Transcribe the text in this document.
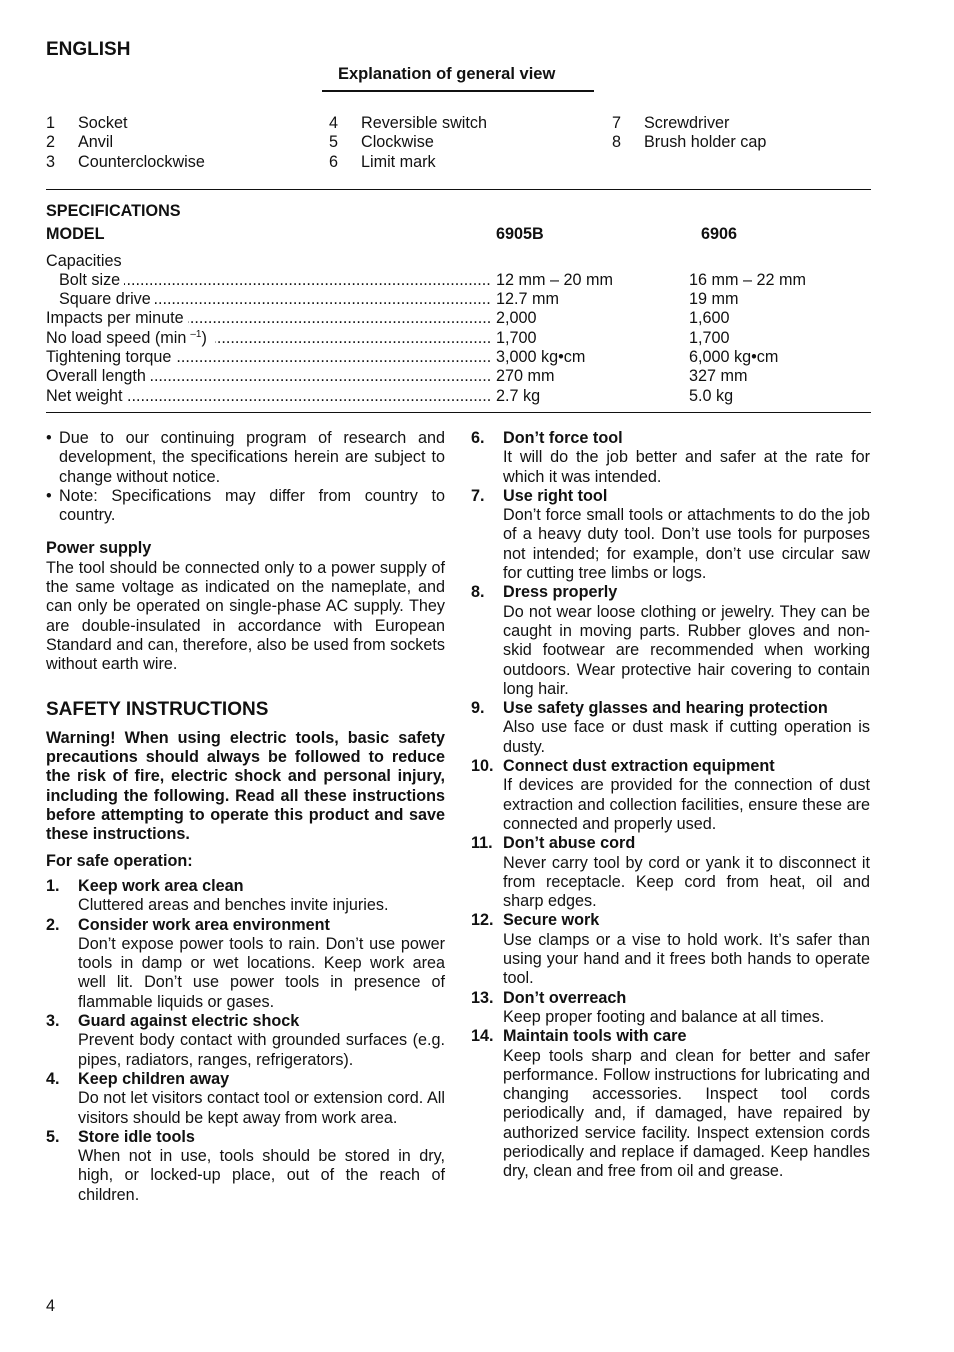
ENGLISH
Explanation of general view
1 Socket
2 Anvil
3 Counterclockwise
4 Reversible switch
5 Clockwise
6 Limit mark
7 Screwdriver
8 Brush holder cap
SPECIFICATIONS
MODEL	6905B	6906
Capacities
Bolt size .....	12 mm – 20 mm	16 mm – 22 mm
Square drive .....	12.7 mm	19 mm
Impacts per minute .....	2,000	1,600
No load speed (min $^{-1}$) .....	1,700	1,700
Tightening torque .....	3,000 kg•cm	6,000 kg•cm
Overall length .....	270 mm	327 mm
Net weight .....	2.7 kg	5.0 kg
• Due to our continuing program of research and development, the specifications herein are subject to change without notice.
• Note: Specifications may differ from country to country.
Power supply

The tool should be connected only to a power supply of the same voltage as indicated on the nameplate, and can only be operated on single-phase AC supply. They are double-insulated in accordance with European Standard and can, therefore, also be used from sockets without earth wire.

SAFETY INSTRUCTIONS

Warning! When using electric tools, basic safety precautions should always be followed to reduce the risk of fire, electric shock and personal injury, including the following. Read all these instructions before attempting to operate this product and save these instructions.

For safe operation:
1. Keep work area clean
Cluttered areas and benches invite injuries.
2. Consider work area environment
Don’t expose power tools to rain. Don’t use power tools in damp or wet locations. Keep work area well lit. Don’t use power tools in presence of flammable liquids or gases.
3. Guard against electric shock
Prevent body contact with grounded surfaces (e.g. pipes, radiators, ranges, refrigerators).
4. Keep children away
Do not let visitors contact tool or extension cord. All visitors should be kept away from work area.
5. Store idle tools
When not in use, tools should be stored in dry, high, or locked-up place, out of the reach of children.
6. Don’t force tool
It will do the job better and safer at the rate for which it was intended.
7. Use right tool
Don’t force small tools or attachments to do the job of a heavy duty tool. Don’t use tools for purposes not intended; for example, don’t use circular saw for cutting tree limbs or logs.
8. Dress properly
Do not wear loose clothing or jewelry. They can be caught in moving parts. Rubber gloves and non-skid footwear are recommended when working outdoors. Wear protective hair covering to contain long hair.
9. Use safety glasses and hearing protection
Also use face or dust mask if cutting operation is dusty.
10. Connect dust extraction equipment
If devices are provided for the connection of dust extraction and collection facilities, ensure these are connected and properly used.
11. Don’t abuse cord
Never carry tool by cord or yank it to disconnect it from receptacle. Keep cord from heat, oil and sharp edges.
12. Secure work
Use clamps or a vise to hold work. It’s safer than using your hand and it frees both hands to operate tool.
13. Don’t overreach
Keep proper footing and balance at all times.
14. Maintain tools with care
Keep tools sharp and clean for better and safer performance. Follow instructions for lubricating and changing accessories. Inspect tool cords periodically and, if damaged, have repaired by authorized service facility. Inspect extension cords periodically and replace if damaged. Keep handles dry, clean and free from oil and grease.
4
